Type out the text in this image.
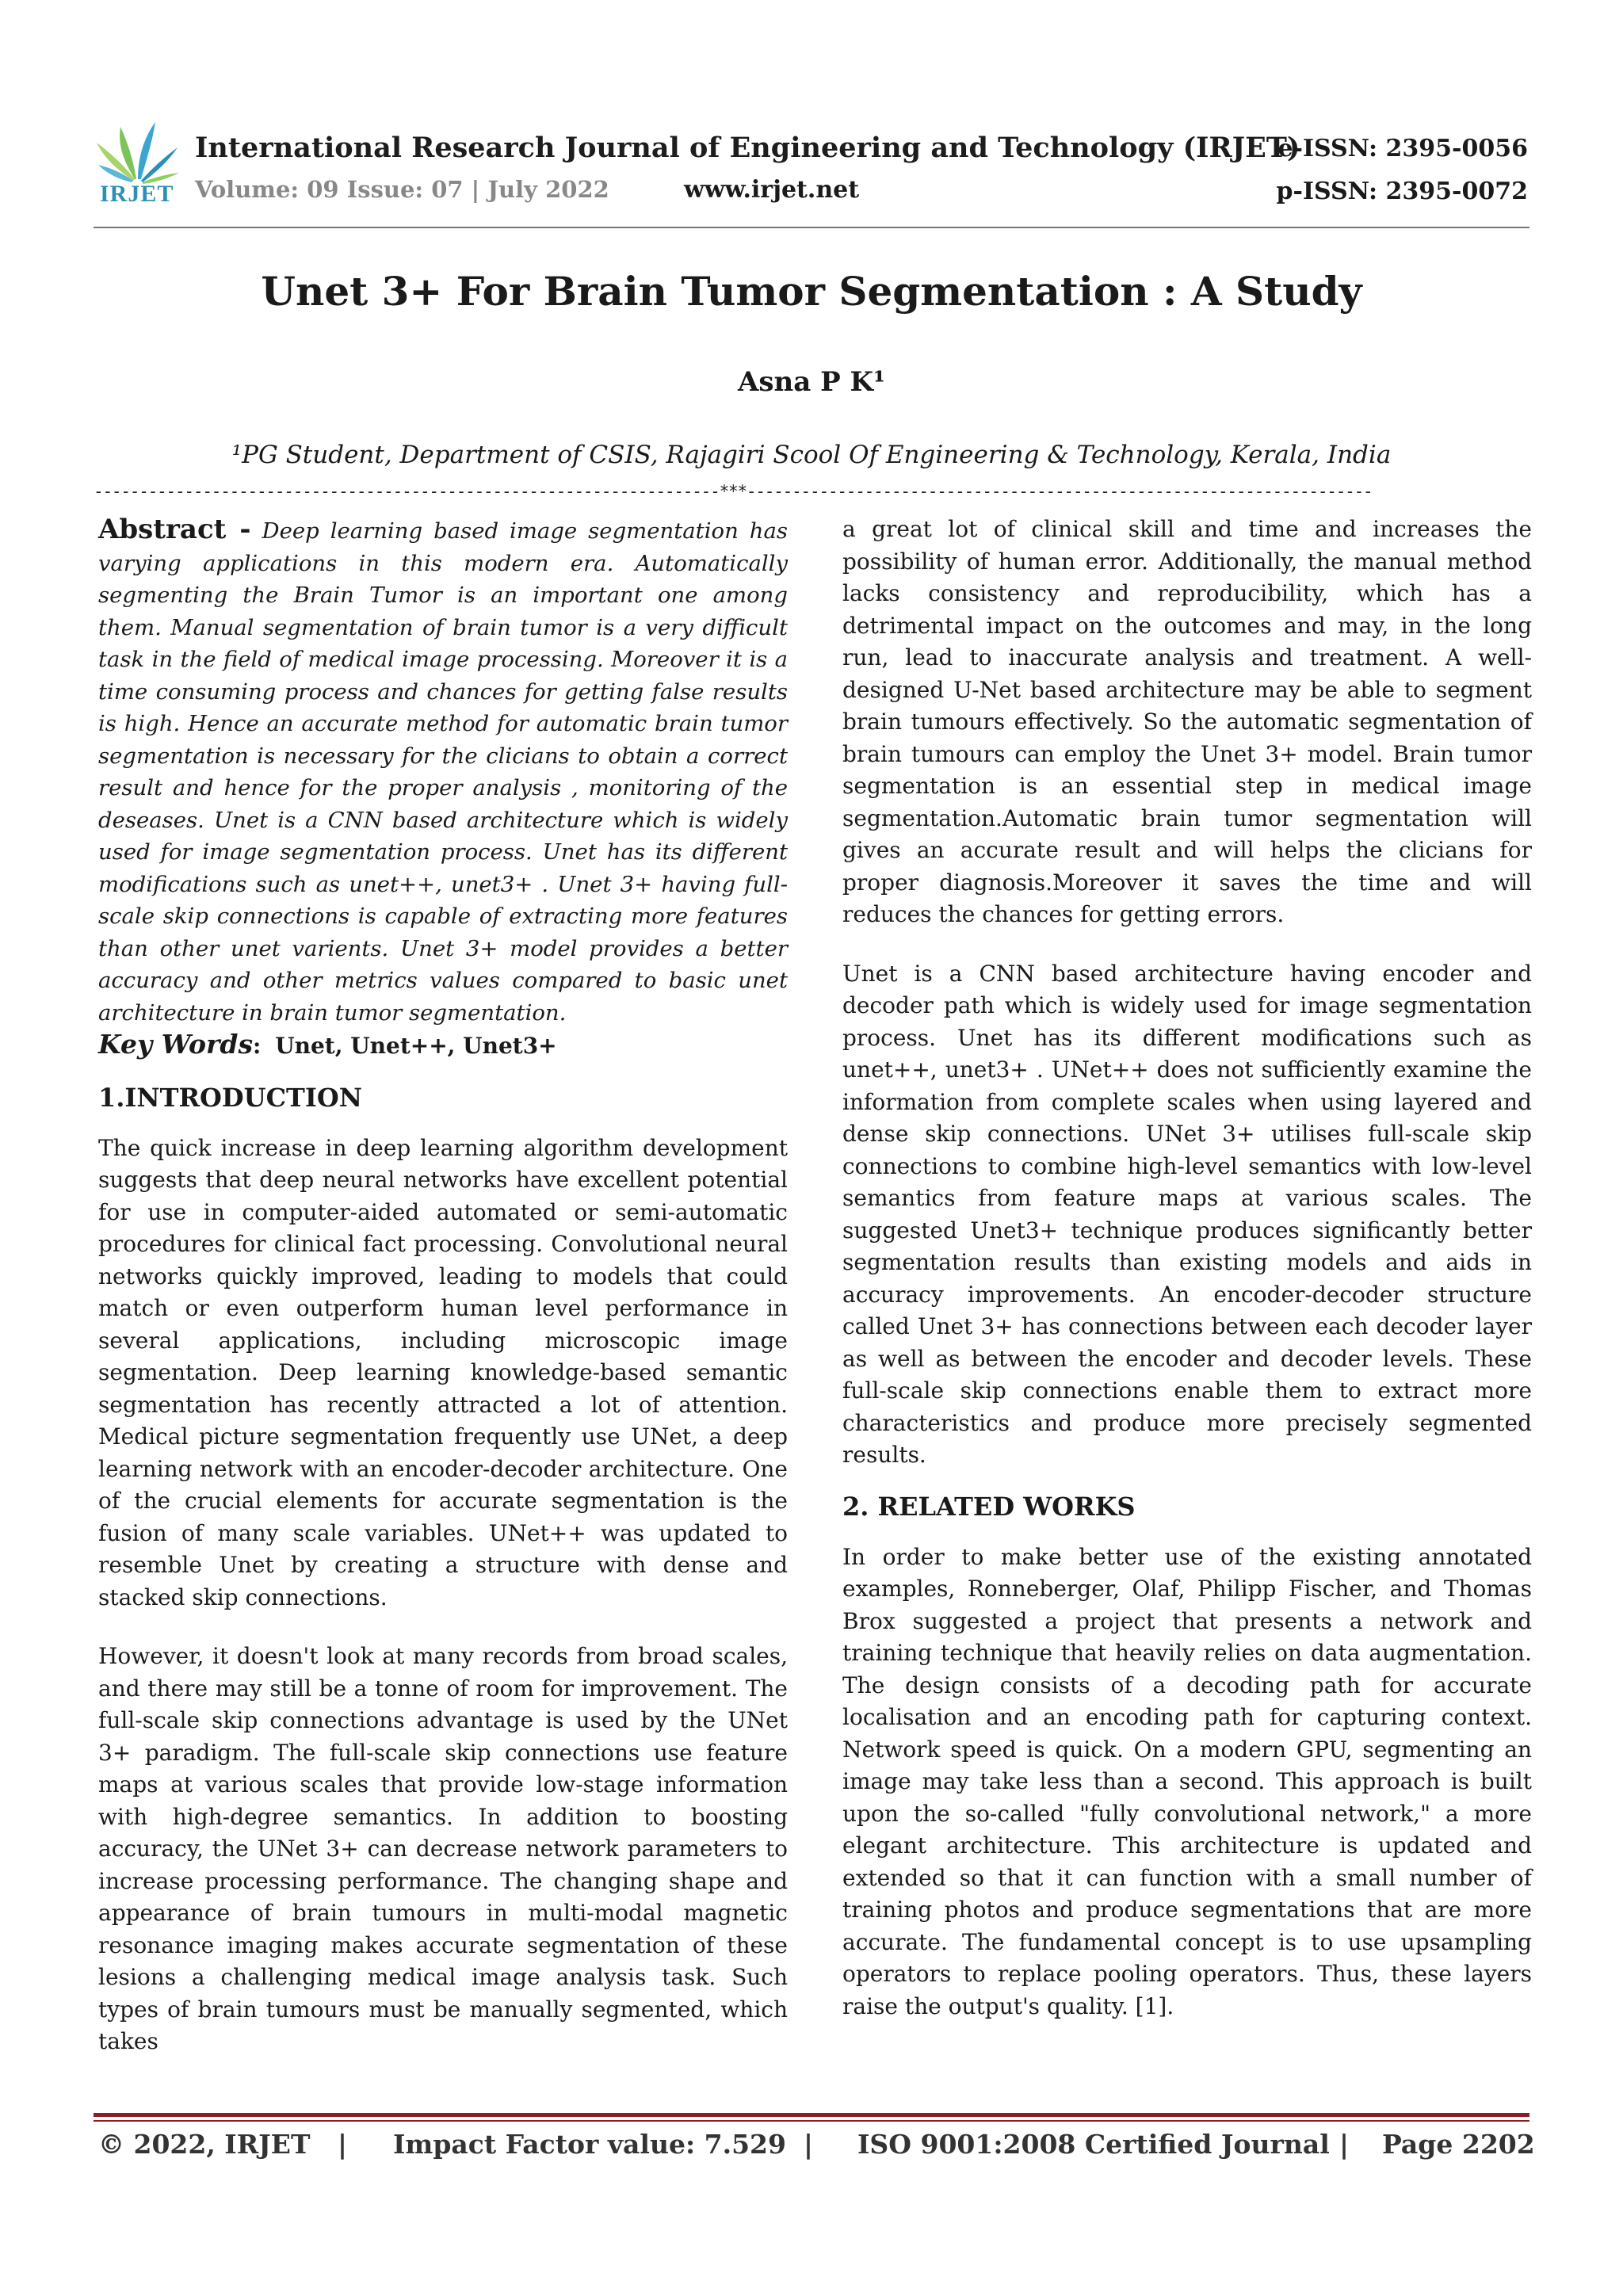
IRJET
International Research Journal of Engineering and Technology (IRJET)
e-ISSN: 2395-0056
Volume: 09 Issue: 07 | July 2022	www.irjet.net	p-ISSN: 2395-0072
Unet 3+ For Brain Tumor Segmentation : A Study
Asna P K¹
¹PG Student, Department of CSIS, Rajagiri Scool Of Engineering & Technology, Kerala, India
---------------------------------------------------------------------***---------------------------------------------------------------------

Abstract - Deep learning based image segmentation has varying applications in this modern era. Automatically segmenting the Brain Tumor is an important one among them. Manual segmentation of brain tumor is a very difficult task in the field of medical image processing. Moreover it is a time consuming process and chances for getting false results is high. Hence an accurate method for automatic brain tumor segmentation is necessary for the clicians to obtain a correct result and hence for the proper analysis , monitoring of the deseases. Unet is a CNN based architecture which is widely used for image segmentation process. Unet has its different modifications such as unet++, unet3+ . Unet 3+ having full-scale skip connections is capable of extracting more features than other unet varients. Unet 3+ model provides a better accuracy and other metrics values compared to basic unet architecture in brain tumor segmentation.

Key Words: Unet, Unet++, Unet3+

1.INTRODUCTION

The quick increase in deep learning algorithm development suggests that deep neural networks have excellent potential for use in computer-aided automated or semi-automatic procedures for clinical fact processing. Convolutional neural networks quickly improved, leading to models that could match or even outperform human level performance in several applications, including microscopic image segmentation. Deep learning knowledge-based semantic segmentation has recently attracted a lot of attention. Medical picture segmentation frequently use UNet, a deep learning network with an encoder-decoder architecture. One of the crucial elements for accurate segmentation is the fusion of many scale variables. UNet++ was updated to resemble Unet by creating a structure with dense and stacked skip connections.

However, it doesn't look at many records from broad scales, and there may still be a tonne of room for improvement. The full-scale skip connections advantage is used by the UNet 3+ paradigm. The full-scale skip connections use feature maps at various scales that provide low-stage information with high-degree semantics. In addition to boosting accuracy, the UNet 3+ can decrease network parameters to increase processing performance. The changing shape and appearance of brain tumours in multi-modal magnetic resonance imaging makes accurate segmentation of these lesions a challenging medical image analysis task. Such types of brain tumours must be manually segmented, which takes

a great lot of clinical skill and time and increases the possibility of human error. Additionally, the manual method lacks consistency and reproducibility, which has a detrimental impact on the outcomes and may, in the long run, lead to inaccurate analysis and treatment. A well-designed U-Net based architecture may be able to segment brain tumours effectively. So the automatic segmentation of brain tumours can employ the Unet 3+ model. Brain tumor segmentation is an essential step in medical image segmentation.Automatic brain tumor segmentation will gives an accurate result and will helps the clicians for proper diagnosis.Moreover it saves the time and will reduces the chances for getting errors.

Unet is a CNN based architecture having encoder and decoder path which is widely used for image segmentation process. Unet has its different modifications such as unet++, unet3+ . UNet++ does not sufficiently examine the information from complete scales when using layered and dense skip connections. UNet 3+ utilises full-scale skip connections to combine high-level semantics with low-level semantics from feature maps at various scales. The suggested Unet3+ technique produces significantly better segmentation results than existing models and aids in accuracy improvements. An encoder-decoder structure called Unet 3+ has connections between each decoder layer as well as between the encoder and decoder levels. These full-scale skip connections enable them to extract more characteristics and produce more precisely segmented results.

2. RELATED WORKS

In order to make better use of the existing annotated examples, Ronneberger, Olaf, Philipp Fischer, and Thomas Brox suggested a project that presents a network and training technique that heavily relies on data augmentation. The design consists of a decoding path for accurate localisation and an encoding path for capturing context. Network speed is quick. On a modern GPU, segmenting an image may take less than a second. This approach is built upon the so-called "fully convolutional network," a more elegant architecture. This architecture is updated and extended so that it can function with a small number of training photos and produce segmentations that are more accurate. The fundamental concept is to use upsampling operators to replace pooling operators. Thus, these layers raise the output's quality. [1].

© 2022, IRJET | Impact Factor value: 7.529 | ISO 9001:2008 Certified Journal | Page 2202
